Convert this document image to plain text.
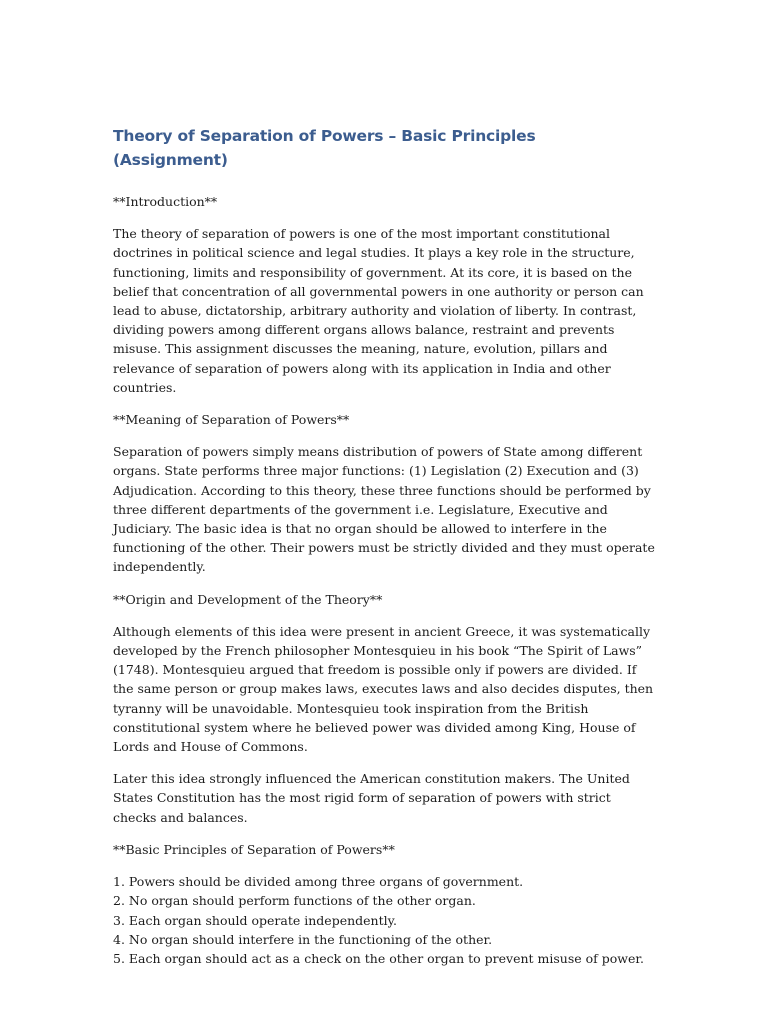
Theory of Separation of Powers – Basic Principles
(Assignment)

**Introduction**

The theory of separation of powers is one of the most important constitutional doctrines in political science and legal studies. It plays a key role in the structure, functioning, limits and responsibility of government. At its core, it is based on the belief that concentration of all governmental powers in one authority or person can lead to abuse, dictatorship, arbitrary authority and violation of liberty. In contrast, dividing powers among different organs allows balance, restraint and prevents misuse. This assignment discusses the meaning, nature, evolution, pillars and relevance of separation of powers along with its application in India and other countries.

**Meaning of Separation of Powers**

Separation of powers simply means distribution of powers of State among different organs. State performs three major functions: (1) Legislation (2) Execution and (3) Adjudication. According to this theory, these three functions should be performed by three different departments of the government i.e. Legislature, Executive and Judiciary. The basic idea is that no organ should be allowed to interfere in the functioning of the other. Their powers must be strictly divided and they must operate independently.

**Origin and Development of the Theory**

Although elements of this idea were present in ancient Greece, it was systematically developed by the French philosopher Montesquieu in his book “The Spirit of Laws” (1748). Montesquieu argued that freedom is possible only if powers are divided. If the same person or group makes laws, executes laws and also decides disputes, then tyranny will be unavoidable. Montesquieu took inspiration from the British constitutional system where he believed power was divided among King, House of Lords and House of Commons.

Later this idea strongly influenced the American constitution makers. The United States Constitution has the most rigid form of separation of powers with strict checks and balances.

**Basic Principles of Separation of Powers**

1. Powers should be divided among three organs of government.
2. No organ should perform functions of the other organ.
3. Each organ should operate independently.
4. No organ should interfere in the functioning of the other.
5. Each organ should act as a check on the other organ to prevent misuse of power.
